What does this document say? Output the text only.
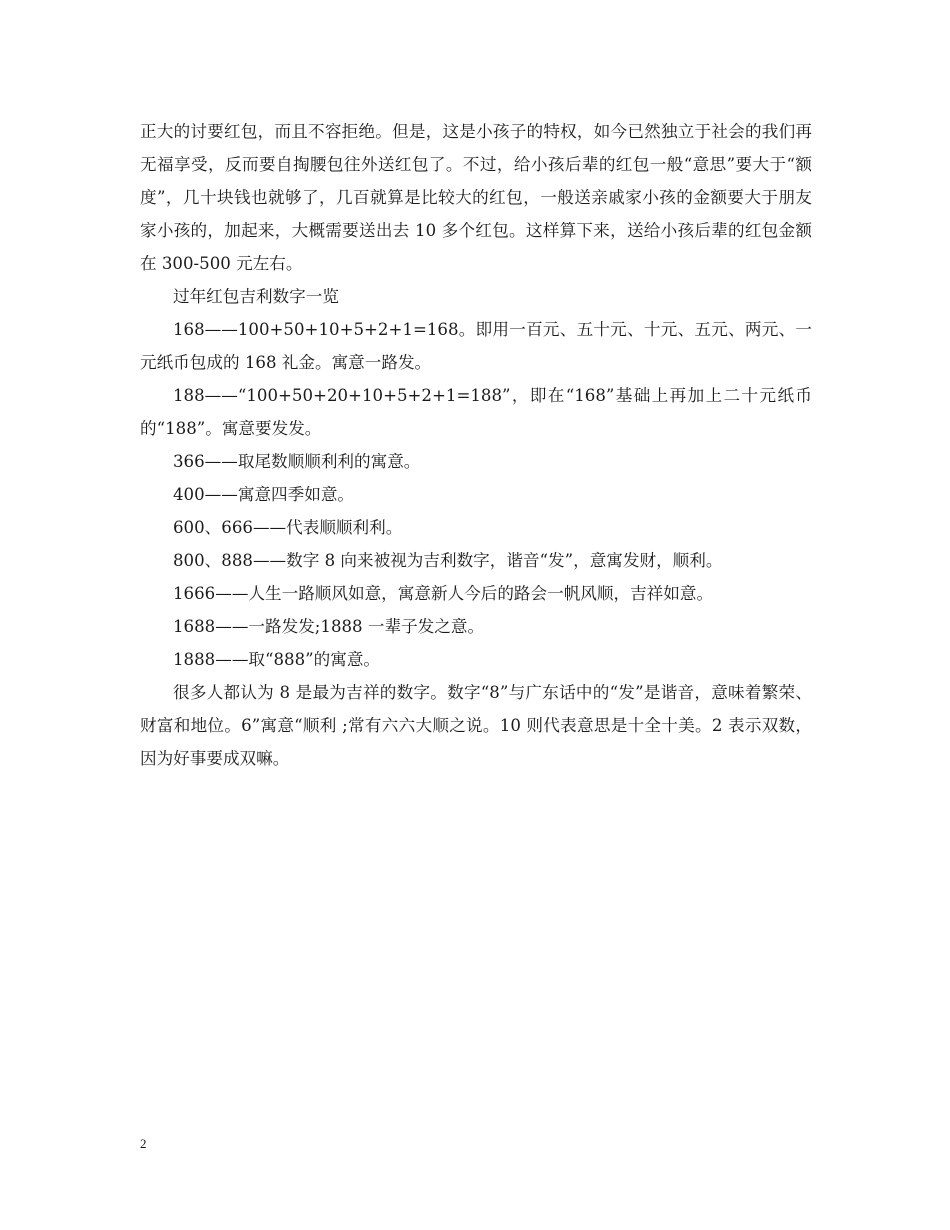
正大的讨要红包，而且不容拒绝。但是，这是小孩子的特权，如今已然独立于社会的我们再无福享受，反而要自掏腰包往外送红包了。不过，给小孩后辈的红包一般“意思”要大于“额度”，几十块钱也就够了，几百就算是比较大的红包，一般送亲戚家小孩的金额要大于朋友家小孩的，加起来，大概需要送出去 10 多个红包。这样算下来，送给小孩后辈的红包金额在 300-500 元左右。

过年红包吉利数字一览

168——100+50+10+5+2+1=168。即用一百元、五十元、十元、五元、两元、一元纸币包成的 168 礼金。寓意一路发。

188——“100+50+20+10+5+2+1=188”，即在“168”基础上再加上二十元纸币的“188”。寓意要发发。

366——取尾数顺顺利利的寓意。

400——寓意四季如意。

600、666——代表顺顺利利。

800、888——数字 8 向来被视为吉利数字，谐音“发”，意寓发财，顺利。

1666——人生一路顺风如意，寓意新人今后的路会一帆风顺，吉祥如意。

1688——一路发发;1888 一辈子发之意。

1888——取“888”的寓意。

很多人都认为 8 是最为吉祥的数字。数字“8”与广东话中的“发”是谐音，意味着繁荣、财富和地位。6”寓意“顺利 ;常有六六大顺之说。10 则代表意思是十全十美。2 表示双数，因为好事要成双嘛。

2
